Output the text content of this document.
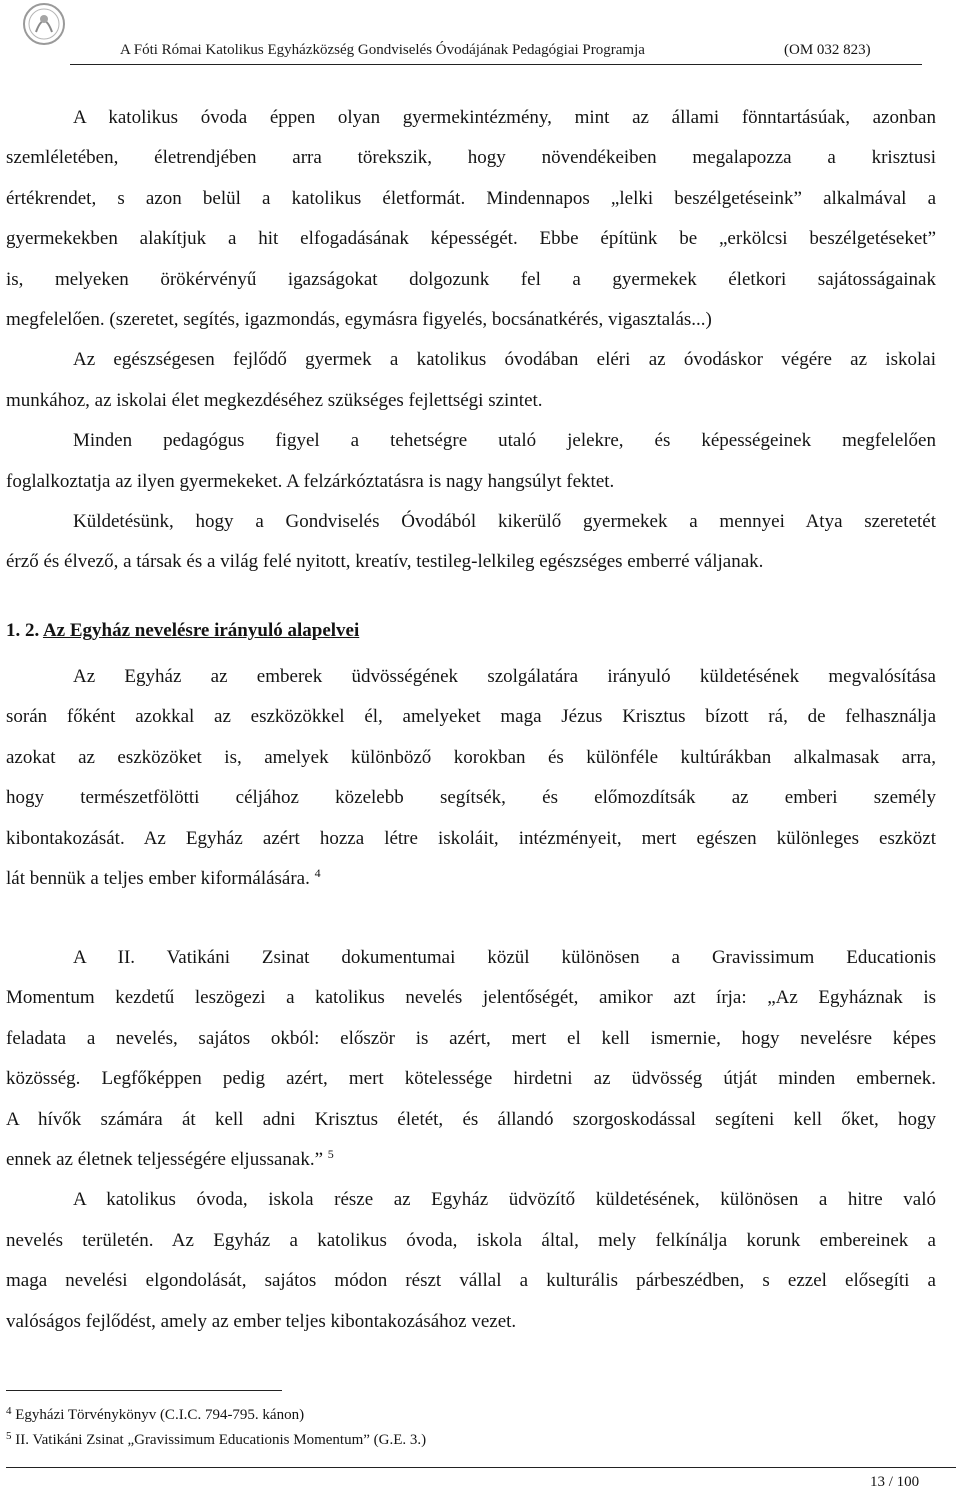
A Fóti Római Katolikus Egyházközség Gondviselés Óvodájának Pedagógiai Programja	(OM 032 823)
A katolikus óvoda éppen olyan gyermekintézmény, mint az állami fönntartásúak, azonban
szemléletében, életrendjében arra törekszik, hogy növendékeiben megalapozza a krisztusi
értékrendet, s azon belül a katolikus életformát. Mindennapos „lelki beszélgetéseink” alkalmával a
gyermekekben alakítjuk a hit elfogadásának képességét. Ebbe építünk be „erkölcsi beszélgetéseket”
is, melyeken örökérvényű igazságokat dolgozunk fel a gyermekek életkori sajátosságainak
megfelelően. (szeretet, segítés, igazmondás, egymásra figyelés, bocsánatkérés, vigasztalás...)
Az egészségesen fejlődő gyermek a katolikus óvodában eléri az óvodáskor végére az iskolai
munkához, az iskolai élet megkezdéséhez szükséges fejlettségi szintet.
Minden pedagógus figyel a tehetségre utaló jelekre, és képességeinek megfelelően
foglalkoztatja az ilyen gyermekeket. A felzárkóztatásra is nagy hangsúlyt fektet.
Küldetésünk, hogy a Gondviselés Óvodából kikerülő gyermekek a mennyei Atya szeretetét
érző és élvező, a társak és a világ felé nyitott, kreatív, testileg-lelkileg egészséges emberré váljanak.
1. 2. Az Egyház nevelésre irányuló alapelvei
Az Egyház az emberek üdvösségének szolgálatára irányuló küldetésének megvalósítása
során főként azokkal az eszközökkel él, amelyeket maga Jézus Krisztus bízott rá, de felhasználja
azokat az eszközöket is, amelyek különböző korokban és különféle kultúrákban alkalmasak arra,
hogy természetfölötti céljához közelebb segítsék, és előmozdítsák az emberi személy
kibontakozását. Az Egyház azért hozza létre iskoláit, intézményeit, mert egészen különleges eszközt
lát bennük a teljes ember kiformálására. $^4$
A II. Vatikáni Zsinat dokumentumai közül különösen a Gravissimum Educationis
Momentum kezdetű leszögezi a katolikus nevelés jelentőségét, amikor azt írja: „Az Egyháznak is
feladata a nevelés, sajátos okból: először is azért, mert el kell ismernie, hogy nevelésre képes
közösség. Legfőképpen pedig azért, mert kötelessége hirdetni az üdvösség útját minden embernek.
A hívők számára át kell adni Krisztus életét, és állandó szorgoskodással segíteni kell őket, hogy
ennek az életnek teljességére eljussanak.” $^5$
A katolikus óvoda, iskola része az Egyház üdvözítő küldetésének, különösen a hitre való
nevelés területén. Az Egyház a katolikus óvoda, iskola által, mely felkínálja korunk embereinek a
maga nevelési elgondolását, sajátos módon részt vállal a kulturális párbeszédben, s ezzel elősegíti a
valóságos fejlődést, amely az ember teljes kibontakozásához vezet.
$^4$ Egyházi Törvénykönyv (C.I.C. 794-795. kánon)
$^5$ II. Vatikáni Zsinat „Gravissimum Educationis Momentum” (G.E. 3.)
13 / 100
